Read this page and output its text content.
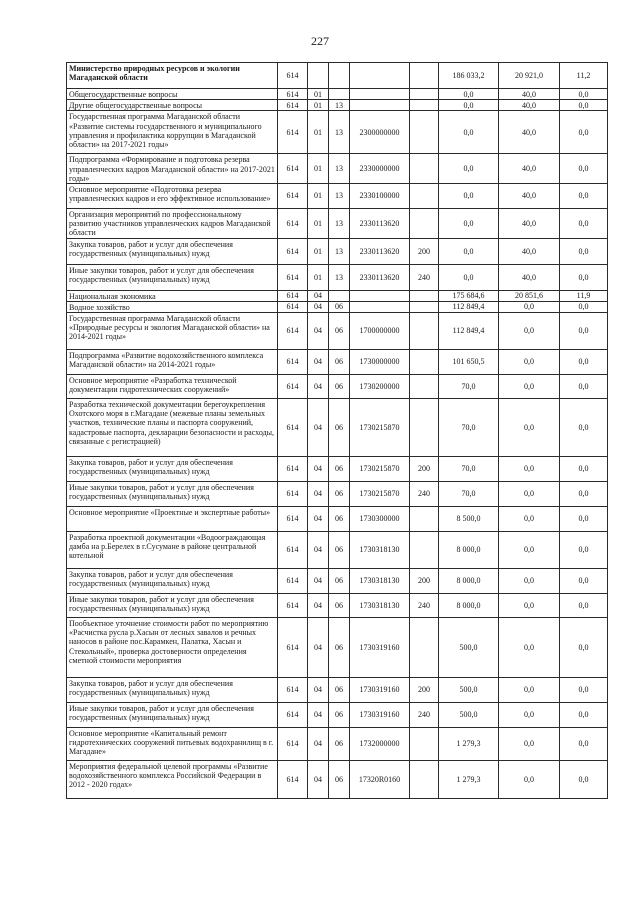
227
Министерство природных ресурсов и экологии Магаданской области	614					186 033,2	20 921,0	11,2
Общегосударственные вопросы	614	01				0,0	40,0	0,0
Другие общегосударственные вопросы	614	01	13			0,0	40,0	0,0
Государственная программа Магаданской области «Развитие системы государственного и муниципального управления и профилактика коррупции в Магаданской области» на 2017-2021 годы»	614	01	13	2300000000		0,0	40,0	0,0
Подпрограмма «Формирование и подготовка резерва управленческих кадров Магаданской области» на 2017-2021 годы»	614	01	13	2330000000		0,0	40,0	0,0
Основное мероприятие «Подготовка резерва управленческих кадров и его эффективное использование»	614	01	13	2330100000		0,0	40,0	0,0
Организация мероприятий по профессиональному развитию участников управленческих кадров Магаданской области	614	01	13	2330113620		0,0	40,0	0,0
Закупка товаров, работ и услуг для обеспечения государственных (муниципальных) нужд	614	01	13	2330113620	200	0,0	40,0	0,0
Иные закупки товаров, работ и услуг для обеспечения государственных (муниципальных) нужд	614	01	13	2330113620	240	0,0	40,0	0,0
Национальная экономика	614	04				175 684,6	20 851,6	11,9
Водное хозяйство	614	04	06			112 849,4	0,0	0,0
Государственная программа Магаданской области «Природные ресурсы и экология Магаданской области» на 2014-2021 годы»	614	04	06	1700000000		112 849,4	0,0	0,0
Подпрограмма «Развитие водохозяйственного комплекса Магаданской области» на 2014-2021 годы»	614	04	06	1730000000		101 650,5	0,0	0,0
Основное мероприятие «Разработка технической документации гидротехнических сооружений»	614	04	06	1730200000		70,0	0,0	0,0
Разработка технической документации берегоукрепления Охотского моря в г.Магадане (межевые планы земельных участков, технические планы и паспорта сооружений, кадастровые паспорта, декларации безопасности и расходы, связанные с регистрацией)	614	04	06	1730215870		70,0	0,0	0,0
Закупка товаров, работ и услуг для обеспечения государственных (муниципальных) нужд	614	04	06	1730215870	200	70,0	0,0	0,0
Иные закупки товаров, работ и услуг для обеспечения государственных (муниципальных) нужд	614	04	06	1730215870	240	70,0	0,0	0,0
Основное мероприятие «Проектные и экспертные работы»	614	04	06	1730300000		8 500,0	0,0	0,0
Разработка проектной документации «Водоограждающая дамба на р.Берелех в г.Сусумане в районе центральной котельной	614	04	06	1730318130		8 000,0	0,0	0,0
Закупка товаров, работ и услуг для обеспечения государственных (муниципальных) нужд	614	04	06	1730318130	200	8 000,0	0,0	0,0
Иные закупки товаров, работ и услуг для обеспечения государственных (муниципальных) нужд	614	04	06	1730318130	240	8 000,0	0,0	0,0
Пообъектное уточнение стоимости работ по мероприятию «Расчистка русла р.Хасын от лесных завалов и речных наносов в районе пос.Карамкен, Палатка, Хасын и Стекольный», проверка достоверности определения сметной стоимости мероприятия	614	04	06	1730319160		500,0	0,0	0,0
Закупка товаров, работ и услуг для обеспечения государственных (муниципальных) нужд	614	04	06	1730319160	200	500,0	0,0	0,0
Иные закупки товаров, работ и услуг для обеспечения государственных (муниципальных) нужд	614	04	06	1730319160	240	500,0	0,0	0,0
Основное мероприятие «Капитальный ремонт гидротехнических сооружений питьевых водохранилищ в г. Магадане»	614	04	06	1732000000		1 279,3	0,0	0,0
Мероприятия федеральной целевой программы «Развитие водохозяйственного комплекса Российской Федерации в 2012 - 2020 годах»	614	04	06	17320R0160		1 279,3	0,0	0,0
